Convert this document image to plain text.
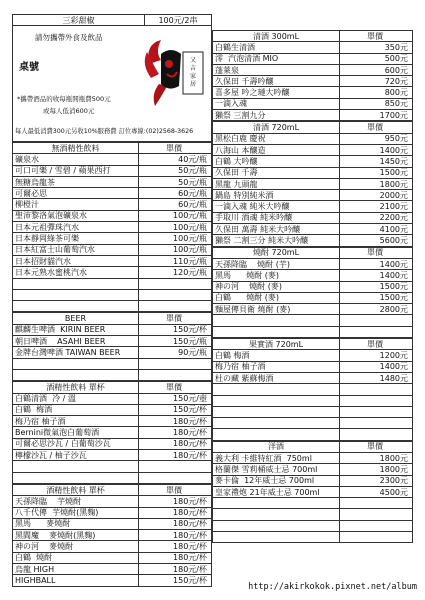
三彩甜椒	100元/2串
請勿攜帶外食及飲品
桌號
*攜帶酒品的收每瓶開瓶費500元
或每人低消600元
每人最低消費300元另收10%服務費 訂位專線:(02)2568-3626
又
吉
家
居
無酒精性飲料	單價
礦泉水	40元/瓶
可口可樂 / 雪碧 / 蘋果西打	50元/瓶
無糖烏龍茶	50元/瓶
可爾必思	60元/瓶
柳橙汁	60元/瓶
聖沛黎洛氣泡礦泉水	100元/瓶
日本元祖彈珠汽水	100元/瓶
日本靜岡綠茶可樂	100元/瓶
日本紅富士山葡萄汽水	100元/瓶
日本招財貓汽水	110元/瓶
日本元熟水蜜桃汽水	120元/瓶

BEER	單價
麒麟生啤酒  KIRIN BEER	150元/杯
朝日啤酒    ASAHI BEER	150元/瓶
金牌台灣啤酒 TAIWAN BEER	90元/瓶

酒精性飲料 單杯	單價
白鶴清酒  冷 / 溫	150元/壺
白鶴  梅酒	150元/杯
梅乃宿 柚子酒	180元/杯
Bernini微氣泡白葡萄酒	180元/杯
可爾必思沙瓦 / 白葡萄沙瓦	180元/杯
檸檬沙瓦 / 柚子沙瓦	180元/杯

酒精性飲料 單杯	單價
天孫降臨    芋燒酎	180元/杯
八千代傳  芋燒酎(黑麴)	180元/杯
黑馬      麥燒酎	180元/杯
黑閻魔    麥燒酎(黑麴)	180元/杯
神の河    麥燒酎	180元/杯
白鶴  燒酎	180元/杯
烏龍 HIGH	180元/杯
HIGHBALL	150元/杯
清酒 300mL	單價
白鶴生清酒	350元
澪  汽泡清酒 MIO	500元
蓬萊泉	600元
久保田 千壽吟釀	720元
喜多屋 吟之璉大吟釀	800元
一滴入魂	850元
獺祭 三割九分	1700元
清酒 720mL	單價
黑松白鹿 慶祝	950元
八海山 本釀造	1400元
白鶴 大吟釀	1450元
久保田 千壽	1500元
黑龍 九頭龍	1800元
鍋島 特別純米酒	2000元
一滴入魂 純米大吟釀	2100元
手取川 酒魂 純米吟釀	2200元
久保田 萬壽 純米大吟釀	4100元
獺祭 二割三分 純米大吟釀	5600元
燒酎 720mL	單價
天孫降臨    燒酎 (芋)	1400元
黑馬      燒酎 (麥)	1400元
神の河    燒酎 (麥)	1500元
白鶴      燒酎 (麥)	1500元
麵屋傳貝衛 燒酎 (麥)	2800元

果實酒 720mL	單價
白鶴 梅酒	1200元
梅乃宿 柚子酒	1400元
杜の藏 紫蘇梅酒	1480元

洋酒	單價
義大利 卡維特紅酒  750ml	1800元
格蘭傑 雪莉桶威士忌 700ml	1800元
麥卡倫  12年威士忌 700ml	2300元
皇家禮炮 21年威士忌 700ml	4500元

http://akirkokok.pixnet.net/album
